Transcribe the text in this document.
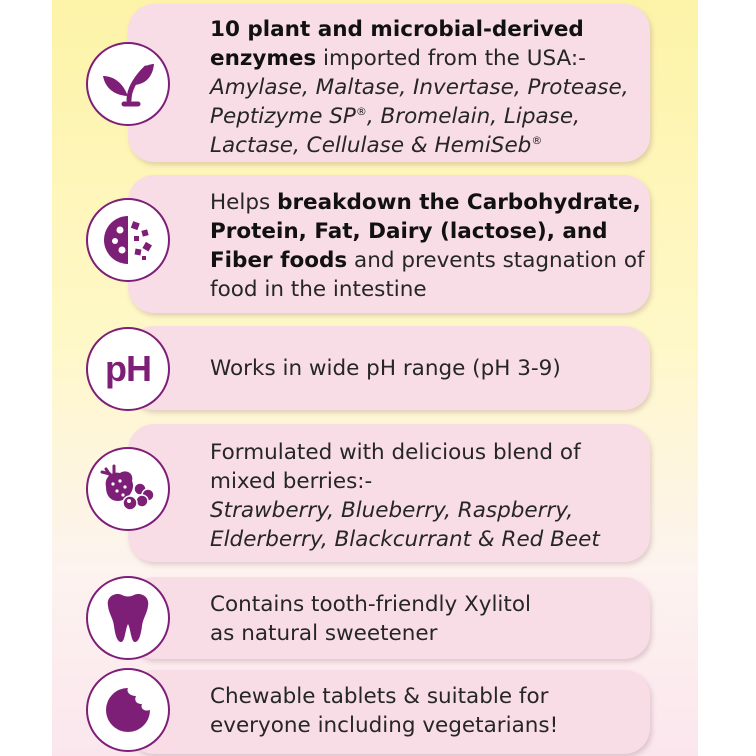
10 plant and microbial-derived enzymes imported from the USA:-
Amylase, Maltase, Invertase, Protease,
Peptizyme SP®, Bromelain, Lipase,
Lactase, Cellulase & HemiSeb®
Helps breakdown the Carbohydrate, Protein, Fat, Dairy (lactose), and Fiber foods and prevents stagnation of food in the intestine
pH	Works in wide pH range (pH 3-9)
Formulated with delicious blend of mixed berries:-
Strawberry, Blueberry, Raspberry,
Elderberry, Blackcurrant & Red Beet
Contains tooth-friendly Xylitol
as natural sweetener
Chewable tablets & suitable for
everyone including vegetarians!
